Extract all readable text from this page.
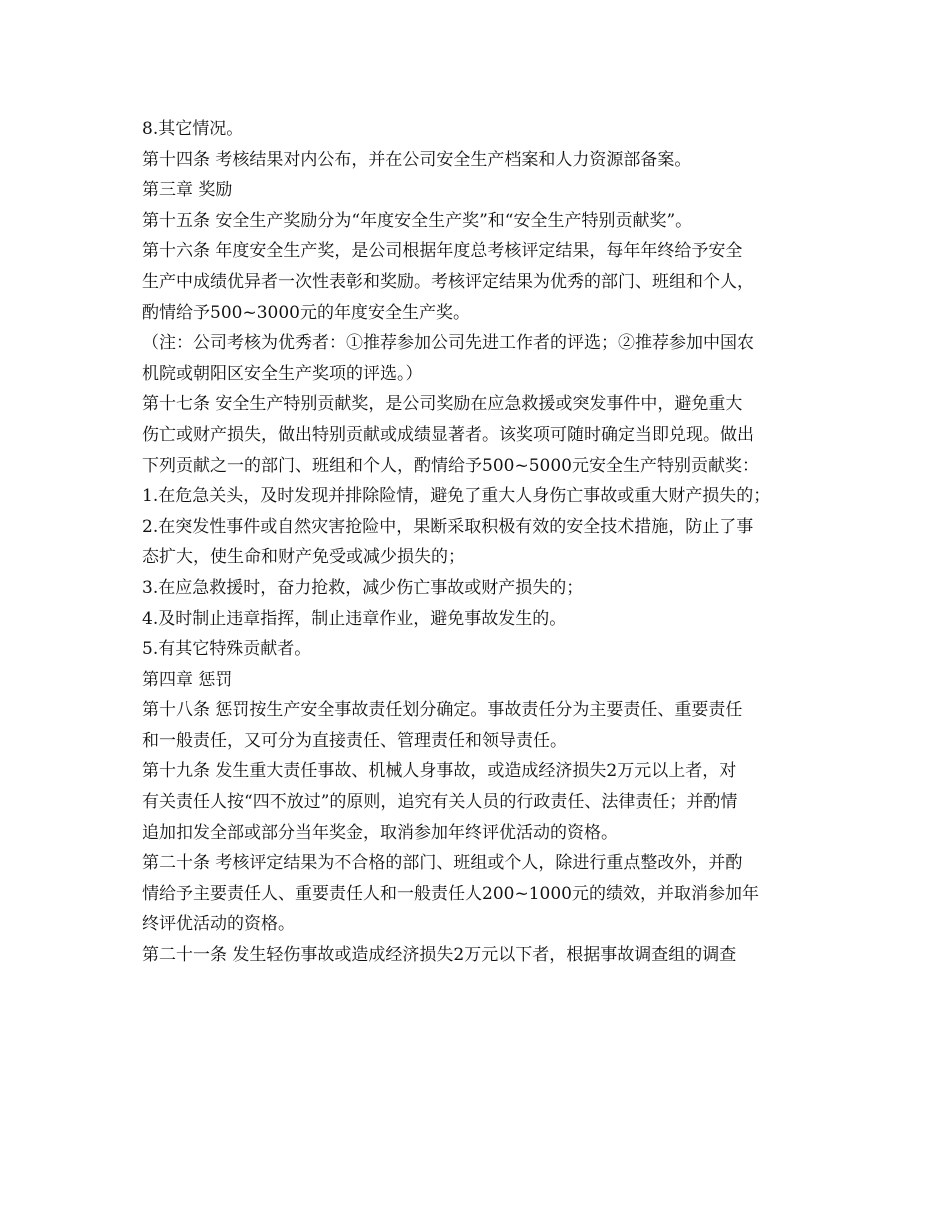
8.其它情况。

第十四条 考核结果对内公布，并在公司安全生产档案和人力资源部备案。

第三章 奖励

第十五条 安全生产奖励分为“年度安全生产奖”和“安全生产特别贡献奖”。

第十六条 年度安全生产奖，是公司根据年度总考核评定结果，每年年终给予安全
生产中成绩优异者一次性表彰和奖励。考核评定结果为优秀的部门、班组和个人，
酌情给予500~3000元的年度安全生产奖。

（注：公司考核为优秀者：①推荐参加公司先进工作者的评选；②推荐参加中国农
机院或朝阳区安全生产奖项的评选。）

第十七条 安全生产特别贡献奖，是公司奖励在应急救援或突发事件中，避免重大
伤亡或财产损失，做出特别贡献或成绩显著者。该奖项可随时确定当即兑现。做出
下列贡献之一的部门、班组和个人，酌情给予500~5000元安全生产特别贡献奖：

1.在危急关头，及时发现并排除险情，避免了重大人身伤亡事故或重大财产损失的；

2.在突发性事件或自然灾害抢险中，果断采取积极有效的安全技术措施，防止了事
态扩大，使生命和财产免受或减少损失的；

3.在应急救援时，奋力抢救，减少伤亡事故或财产损失的；

4.及时制止违章指挥，制止违章作业，避免事故发生的。

5.有其它特殊贡献者。

第四章 惩罚

第十八条 惩罚按生产安全事故责任划分确定。事故责任分为主要责任、重要责任
和一般责任，又可分为直接责任、管理责任和领导责任。

第十九条 发生重大责任事故、机械人身事故，或造成经济损失2万元以上者，对
有关责任人按“四不放过”的原则，追究有关人员的行政责任、法律责任；并酌情
追加扣发全部或部分当年奖金，取消参加年终评优活动的资格。

第二十条 考核评定结果为不合格的部门、班组或个人，除进行重点整改外，并酌
情给予主要责任人、重要责任人和一般责任人200~1000元的绩效，并取消参加年
终评优活动的资格。

第二十一条 发生轻伤事故或造成经济损失2万元以下者，根据事故调查组的调查
